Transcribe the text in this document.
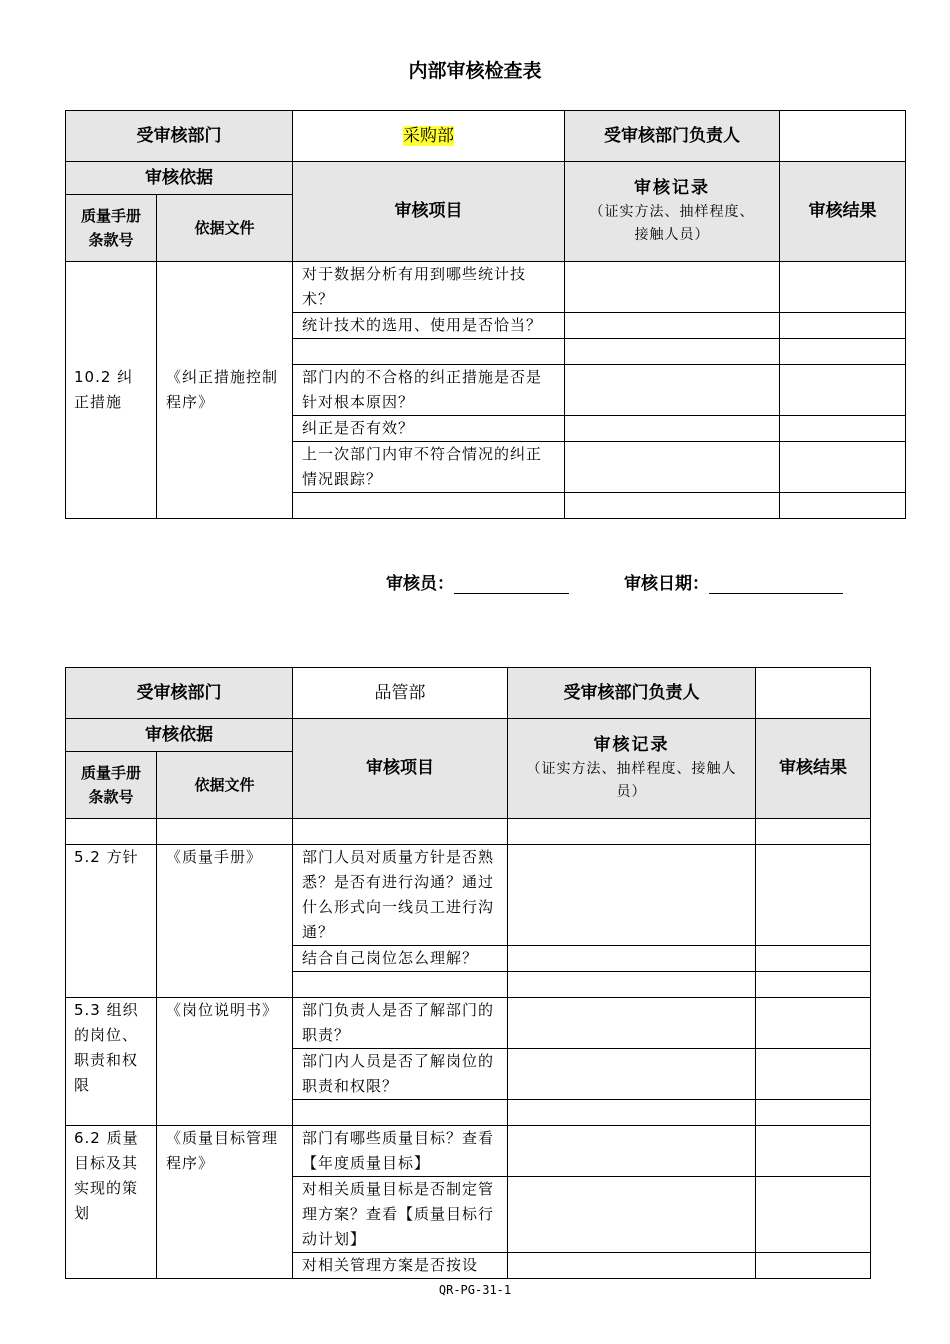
内部审核检查表
受审核部门		采购部	受审核部门负责人	
审核依据		审核项目	审核记录
（证实方法、抽样程度、接触人员）	审核结果
质量手册条款号	依据文件			
10.2 纠正措施	《纠正措施控制程序》	对于数据分析有用到哪些统计技术？		
		统计技术的选用、使用是否恰当？		

		部门内的不合格的纠正措施是否是针对根本原因？		
		纠正是否有效？		
		上一次部门内审不符合情况的纠正情况跟踪？		

审核员：	审核日期：
受审核部门		品管部	受审核部门负责人	
审核依据		审核项目	审核记录
（证实方法、抽样程度、接触人员）	审核结果
质量手册条款号	依据文件			

5.2 方针	《质量手册》	部门人员对质量方针是否熟悉？是否有进行沟通？通过什么形式向一线员工进行沟通？		
		结合自己岗位怎么理解？		

5.3 组织的岗位、职责和权限	《岗位说明书》	部门负责人是否了解部门的职责？		
		部门内人员是否了解岗位的职责和权限？		

6.2 质量目标及其实现的策划	《质量目标管理程序》	部门有哪些质量目标？查看【年度质量目标】		
		对相关质量目标是否制定管理方案？查看【质量目标行动计划】		
		对相关管理方案是否按设		
QR-PG-31-1
